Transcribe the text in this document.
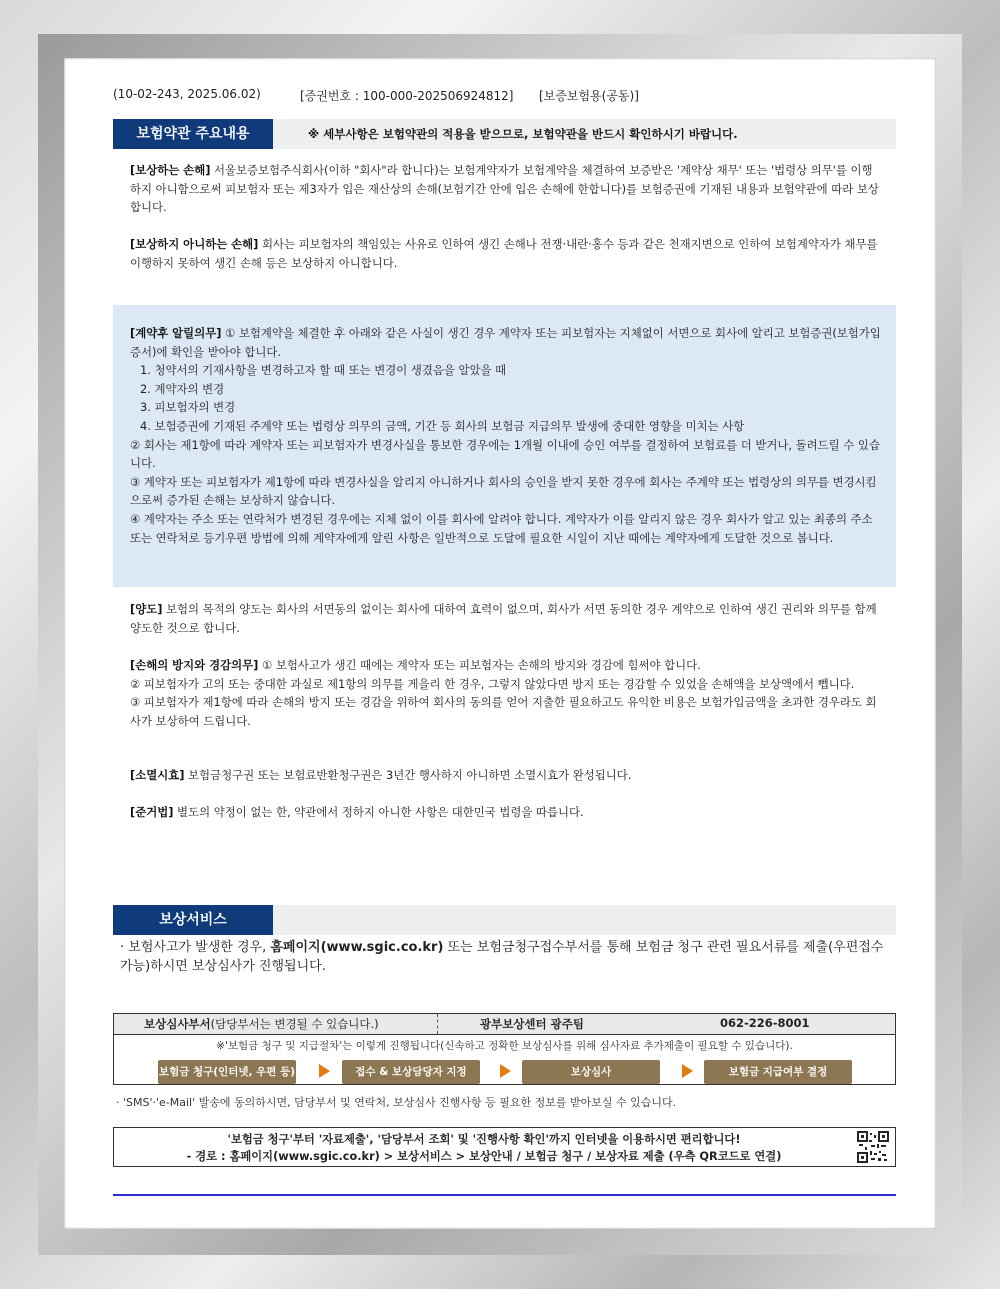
(10-02-243, 2025.06.02)	[증권번호 : 100-000-202506924812] [보증보험용(공동)]
보험약관 주요내용	※ 세부사항은 보험약관의 적용을 받으므로, 보험약관을 반드시 확인하시기 바랍니다.
[보상하는 손해] 서울보증보험주식회사(이하 "회사"라 합니다)는 보험계약자가 보험계약을 체결하여 보증받은 '계약상 채무' 또는 '법령상 의무'를 이행하지 아니함으로써 피보험자 또는 제3자가 입은 재산상의 손해(보험기간 안에 입은 손해에 한합니다)를 보험증권에 기재된 내용과 보험약관에 따라 보상합니다.
[보상하지 아니하는 손해] 회사는 피보험자의 책임있는 사유로 인하여 생긴 손해나 전쟁·내란·홍수 등과 같은 천재지변으로 인하여 보험계약자가 채무를 이행하지 못하여 생긴 손해 등은 보상하지 아니합니다.
[계약후 알릴의무] ① 보험계약을 체결한 후 아래와 같은 사실이 생긴 경우 계약자 또는 피보험자는 지체없이 서면으로 회사에 알리고 보험증권(보험가입증서)에 확인을 받아야 합니다.
1. 청약서의 기재사항을 변경하고자 할 때 또는 변경이 생겼음을 알았을 때
2. 계약자의 변경
3. 피보험자의 변경
4. 보험증권에 기재된 주계약 또는 법령상 의무의 금액, 기간 등 회사의 보험금 지급의무 발생에 중대한 영향을 미치는 사항
② 회사는 제1항에 따라 계약자 또는 피보험자가 변경사실을 통보한 경우에는 1개월 이내에 승인 여부를 결정하여 보험료를 더 받거나, 돌려드릴 수 있습니다.
③ 계약자 또는 피보험자가 제1항에 따라 변경사실을 알리지 아니하거나 회사의 승인을 받지 못한 경우에 회사는 주계약 또는 법령상의 의무를 변경시킴으로써 증가된 손해는 보상하지 않습니다.
④ 계약자는 주소 또는 연락처가 변경된 경우에는 지체 없이 이를 회사에 알려야 합니다. 계약자가 이를 알리지 않은 경우 회사가 알고 있는 최종의 주소 또는 연락처로 등기우편 방법에 의해 계약자에게 알린 사항은 일반적으로 도달에 필요한 시일이 지난 때에는 계약자에게 도달한 것으로 봅니다.
[양도] 보험의 목적의 양도는 회사의 서면동의 없이는 회사에 대하여 효력이 없으며, 회사가 서면 동의한 경우 계약으로 인하여 생긴 권리와 의무를 함께 양도한 것으로 합니다.
[손해의 방지와 경감의무] ① 보험사고가 생긴 때에는 계약자 또는 피보험자는 손해의 방지와 경감에 힘써야 합니다.
② 피보험자가 고의 또는 중대한 과실로 제1항의 의무를 게을리 한 경우, 그렇지 않았다면 방지 또는 경감할 수 있었을 손해액을 보상액에서 뺍니다.
③ 피보험자가 제1항에 따라 손해의 방지 또는 경감을 위하여 회사의 동의를 얻어 지출한 필요하고도 유익한 비용은 보험가입금액을 초과한 경우라도 회사가 보상하여 드립니다.
[소멸시효] 보험금청구권 또는 보험료반환청구권은 3년간 행사하지 아니하면 소멸시효가 완성됩니다.
[준거법] 별도의 약정이 없는 한, 약관에서 정하지 아니한 사항은 대한민국 법령을 따릅니다.
보상서비스
· 보험사고가 발생한 경우, 홈페이지(www.sgic.co.kr) 또는 보험금청구접수부서를 통해 보험금 청구 관련 필요서류를 제출(우편접수가능)하시면 보상심사가 진행됩니다.
보상심사부서(담당부서는 변경될 수 있습니다.)	광부보상센터 광주팀	062-226-8001
※'보험금 청구 및 지급절차'는 이렇게 진행됩니다(신속하고 정확한 보상심사를 위해 심사자료 추가제출이 필요할 수 있습니다).
보험금 청구(인터넷, 우편 등)	접수 & 보상담당자 지정	보상심사	보험금 지급여부 결정
· 'SMS'·'e-Mail' 발송에 동의하시면, 담당부서 및 연락처, 보상심사 진행사항 등 필요한 정보를 받아보실 수 있습니다.
'보험금 청구'부터 '자료제출', '담당부서 조회' 및 '진행사항 확인'까지 인터넷을 이용하시면 편리합니다!
- 경로 : 홈페이지(www.sgic.co.kr) > 보상서비스 > 보상안내 / 보험금 청구 / 보상자료 제출 (우측 QR코드로 연결)
